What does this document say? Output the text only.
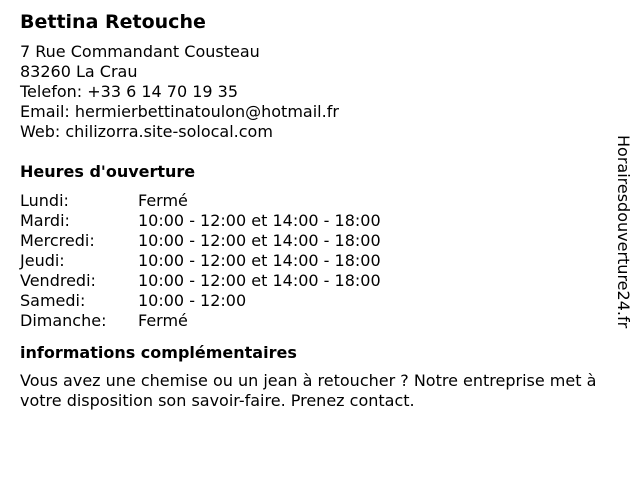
Bettina Retouche
7 Rue Commandant Cousteau
83260 La Crau
Telefon: +33 6 14 70 19 35
Email: hermierbettinatoulon@hotmail.fr
Web: chilizorra.site-solocal.com
Heures d'ouverture
Lundi:	Fermé
Mardi:	10:00 - 12:00 et 14:00 - 18:00
Mercredi:	10:00 - 12:00 et 14:00 - 18:00
Jeudi:	10:00 - 12:00 et 14:00 - 18:00
Vendredi:	10:00 - 12:00 et 14:00 - 18:00
Samedi:	10:00 - 12:00
Dimanche:	Fermé
informations complémentaires
Vous avez une chemise ou un jean à retoucher ? Notre entreprise met à votre disposition son savoir-faire. Prenez contact.
Horairesdouverture24.fr
